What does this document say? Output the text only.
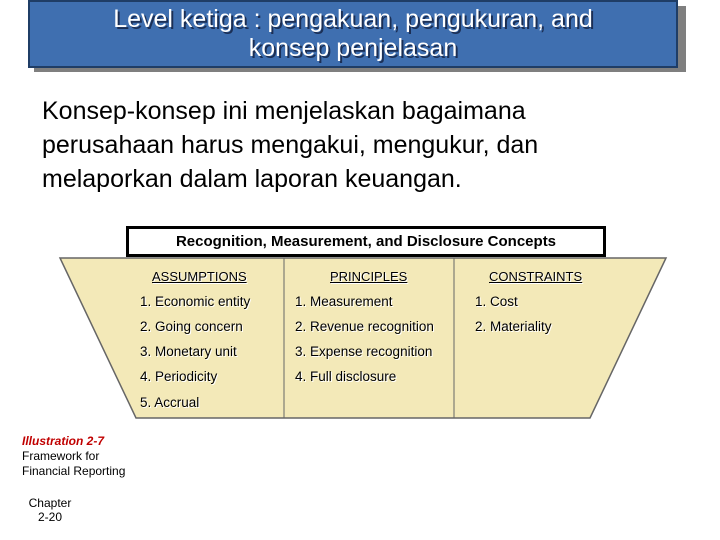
Level ketiga : pengakuan, pengukuran, and
konsep penjelasan
Konsep-konsep ini menjelaskan bagaimana
perusahaan harus mengakui, mengukur, dan
melaporkan dalam laporan keuangan.
Recognition, Measurement, and Disclosure Concepts
ASSUMPTIONS
1. Economic entity
2. Going concern
3. Monetary unit
4. Periodicity
5. Accrual
PRINCIPLES
1. Measurement
2. Revenue recognition
3. Expense recognition
4. Full disclosure
CONSTRAINTS
1. Cost
2. Materiality
Illustration 2-7
Framework for
Financial Reporting
Chapter
2-20
